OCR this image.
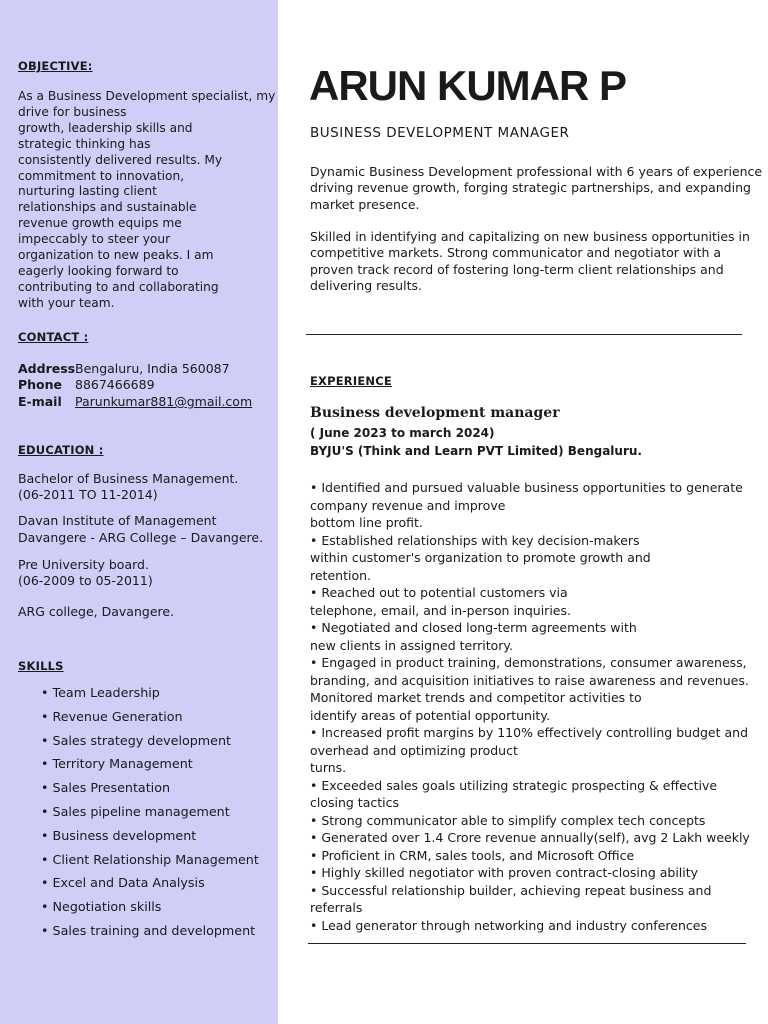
OBJECTIVE:
As a Business Development specialist, my
drive for business
growth, leadership skills and
strategic thinking has
consistently delivered results. My
commitment to innovation,
nurturing lasting client
relationships and sustainable
revenue growth equips me
impeccably to steer your
organization to new peaks. I am
eagerly looking forward to
contributing to and collaborating
with your team.
CONTACT :
AddressBengaluru, India 560087
Phone 8867466689
E-mail Parunkumar881@gmail.com
EDUCATION :
Bachelor of Business Management.
(06-2011 TO 11-2014)
Davan Institute of Management
Davangere - ARG College – Davangere.
Pre University board.
(06-2009 to 05-2011)
ARG college, Davangere.
SKILLS
• Team Leadership
• Revenue Generation
• Sales strategy development
• Territory Management
• Sales Presentation
• Sales pipeline management
• Business development
• Client Relationship Management
• Excel and Data Analysis
• Negotiation skills
• Sales training and development
ARUN KUMAR P
BUSINESS DEVELOPMENT MANAGER
Dynamic Business Development professional with 6 years of experience
driving revenue growth, forging strategic partnerships, and expanding
market presence.
Skilled in identifying and capitalizing on new business opportunities in
competitive markets. Strong communicator and negotiator with a
proven track record of fostering long-term client relationships and
delivering results.
EXPERIENCE
Business development manager
( June 2023 to march 2024)
BYJU'S (Think and Learn PVT Limited) Bengaluru.
• Identified and pursued valuable business opportunities to generate
company revenue and improve
bottom line profit.
• Established relationships with key decision-makers
within customer's organization to promote growth and
retention.
• Reached out to potential customers via
telephone, email, and in-person inquiries.
• Negotiated and closed long-term agreements with
new clients in assigned territory.
• Engaged in product training, demonstrations, consumer awareness,
branding, and acquisition initiatives to raise awareness and revenues.
Monitored market trends and competitor activities to
identify areas of potential opportunity.
• Increased profit margins by 110% effectively controlling budget and
overhead and optimizing product
turns.
• Exceeded sales goals utilizing strategic prospecting & effective
closing tactics
• Strong communicator able to simplify complex tech concepts
• Generated over 1.4 Crore revenue annually(self), avg 2 Lakh weekly
• Proficient in CRM, sales tools, and Microsoft Office
• Highly skilled negotiator with proven contract-closing ability
• Successful relationship builder, achieving repeat business and
referrals
• Lead generator through networking and industry conferences
